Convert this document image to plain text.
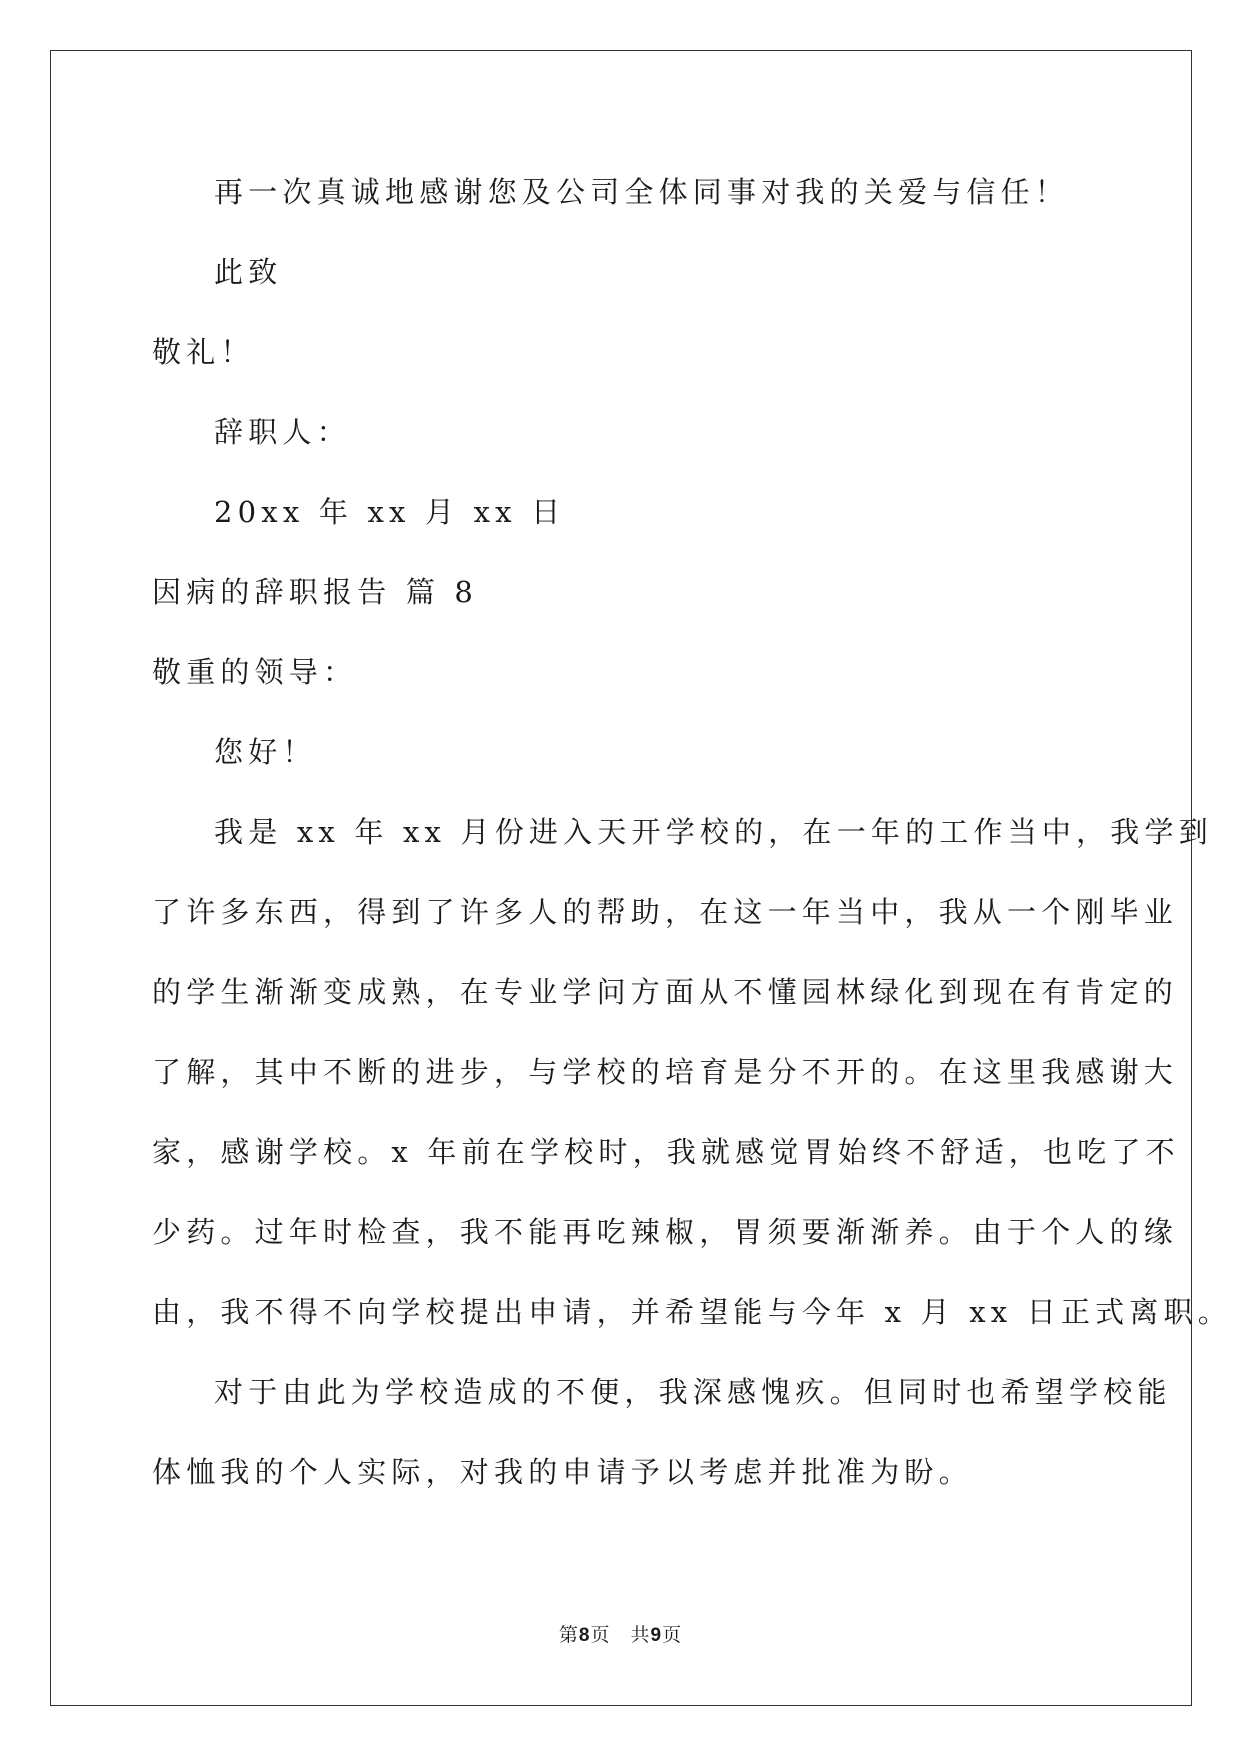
再一次真诚地感谢您及公司全体同事对我的关爱与信任！
此致
敬礼！
辞职人：
20xx 年 xx 月 xx 日
因病的辞职报告 篇 8
敬重的领导：
您好！
我是 xx 年 xx 月份进入天开学校的，在一年的工作当中，我学到
了许多东西，得到了许多人的帮助，在这一年当中，我从一个刚毕业
的学生渐渐变成熟，在专业学问方面从不懂园林绿化到现在有肯定的
了解，其中不断的进步，与学校的培育是分不开的。在这里我感谢大
家，感谢学校。x 年前在学校时，我就感觉胃始终不舒适，也吃了不
少药。过年时检查，我不能再吃辣椒，胃须要渐渐养。由于个人的缘
由，我不得不向学校提出申请，并希望能与今年 x 月 xx 日正式离职。
对于由此为学校造成的不便，我深感愧疚。但同时也希望学校能
体恤我的个人实际，对我的申请予以考虑并批准为盼。
第8页 共9页
